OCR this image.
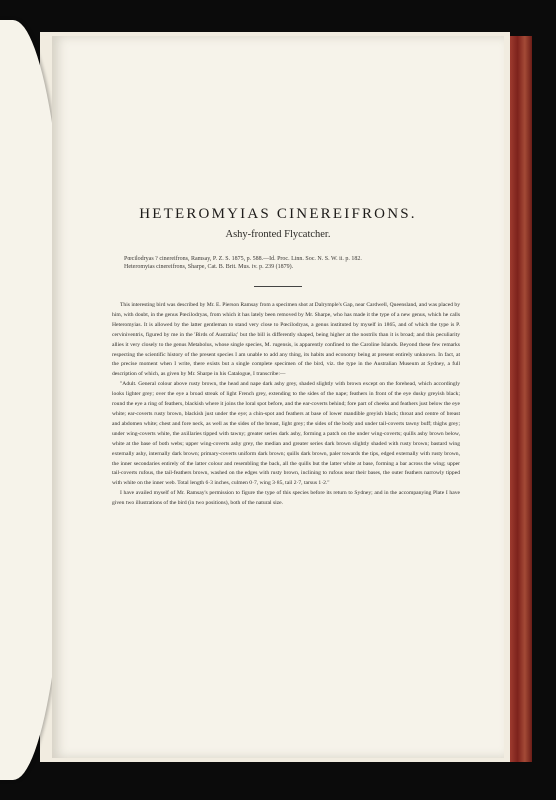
HETEROMYIAS CINEREIFRONS.
Ashy-fronted Flycatcher.
Pœcilodryas ? cinereifrons, Ramsay, P. Z. S. 1875, p. 588.—Id. Proc. Linn. Soc. N. S. W. ii. p. 182.
Heteromyias cinereifrons, Sharpe, Cat. B. Brit. Mus. iv. p. 239 (1879).

This interesting bird was described by Mr. E. Pierson Ramsay from a specimen shot at Dalrymple's Gap, near Cardwell, Queensland, and was placed by him, with doubt, in the genus Pœcilodryas, from which it has lately been removed by Mr. Sharpe, who has made it the type of a new genus, which he calls Heteromyias. It is allowed by the latter gentleman to stand very close to Pœcilodryas, a genus instituted by myself in 1865, and of which the type is P. cerviniventris, figured by me in the 'Birds of Australia;' but the bill is differently shaped, being higher at the nostrils than it is broad; and this peculiarity allies it very closely to the genus Metabolus, whose single species, M. rugensis, is apparently confined to the Caroline Islands. Beyond these few remarks respecting the scientific history of the present species I am unable to add any thing, its habits and economy being at present entirely unknown. In fact, at the precise moment when I write, there exists but a single complete specimen of the bird, viz. the type in the Australian Museum at Sydney, a full description of which, as given by Mr. Sharpe in his Catalogue, I transcribe:—

"Adult. General colour above rusty brown, the head and nape dark ashy grey, shaded slightly with brown except on the forehead, which accordingly looks lighter grey; over the eye a broad streak of light French grey, extending to the sides of the nape; feathers in front of the eye dusky greyish black; round the eye a ring of feathers, blackish where it joins the loral spot before, and the ear-coverts behind; fore part of cheeks and feathers just below the eye white; ear-coverts rusty brown, blackish just under the eye; a chin-spot and feathers at base of lower mandible greyish black; throat and centre of breast and abdomen white; chest and fore neck, as well as the sides of the breast, light grey; the sides of the body and under tail-coverts tawny buff; thighs grey; under wing-coverts white, the axillaries tipped with tawny; greater series dark ashy, forming a patch on the under wing-coverts; quills ashy brown below, white at the base of both webs; upper wing-coverts ashy grey, the median and greater series dark brown slightly shaded with rusty brown; bastard wing externally ashy, internally dark brown; primary-coverts uniform dark brown; quills dark brown, paler towards the tips, edged externally with rusty brown, the inner secondaries entirely of the latter colour and resembling the back, all the quills but the latter white at base, forming a bar across the wing; upper tail-coverts rufous, the tail-feathers brown, washed on the edges with rusty brown, inclining to rufous near their bases, the outer feathers narrowly tipped with white on the inner web. Total length 6·3 inches, culmen 0·7, wing 3·85, tail 2·7, tarsus 1·2."

I have availed myself of Mr. Ramsay's permission to figure the type of this species before its return to Sydney; and in the accompanying Plate I have given two illustrations of the bird (in two positions), both of the natural size.
